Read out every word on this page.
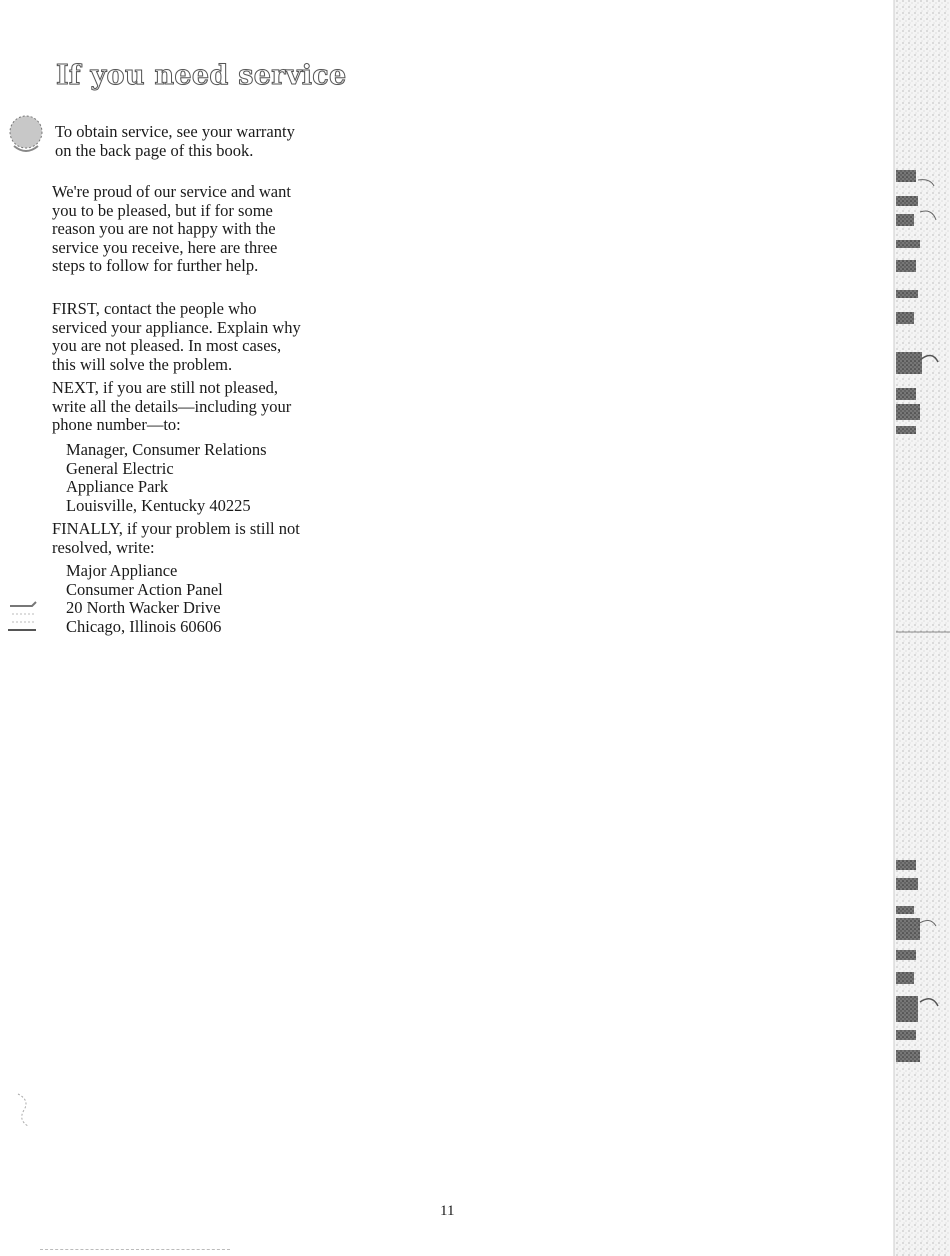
If you need service

To obtain service, see your warranty on the back page of this book.

We're proud of our service and want you to be pleased, but if for some reason you are not happy with the service you receive, here are three steps to follow for further help.

FIRST, contact the people who serviced your appliance. Explain why you are not pleased. In most cases, this will solve the problem.

NEXT, if you are still not pleased, write all the details—including your phone number—to:

Manager, Consumer Relations
General Electric
Appliance Park
Louisville, Kentucky 40225

FINALLY, if your problem is still not resolved, write:

Major Appliance
Consumer Action Panel
20 North Wacker Drive
Chicago, Illinois 60606
11
